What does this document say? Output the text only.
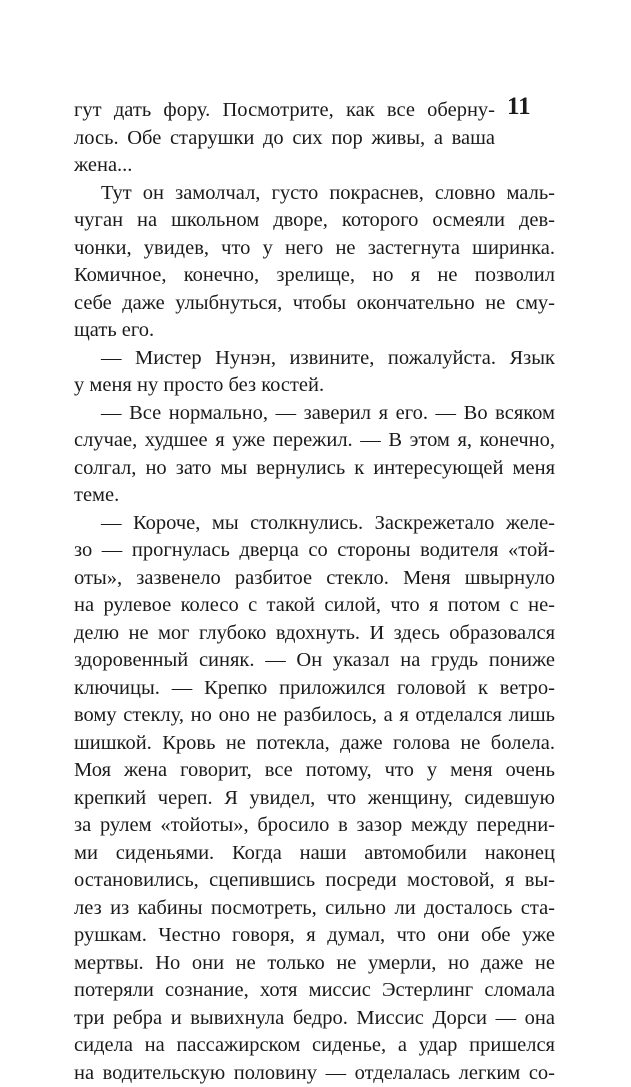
11
гут дать фору. Посмотрите, как все оберну-
лось. Обе старушки до сих пор живы, а ваша
жена...
Тут он замолчал, густо покраснев, словно маль-
чуган на школьном дворе, которого осмеяли дев-
чонки, увидев, что у него не застегнута ширинка.
Комичное, конечно, зрелище, но я не позволил
себе даже улыбнуться, чтобы окончательно не сму-
щать его.
— Мистер Нунэн, извините, пожалуйста. Язык
у меня ну просто без костей.
— Все нормально, — заверил я его. — Во всяком
случае, худшее я уже пережил. — В этом я, конечно,
солгал, но зато мы вернулись к интересующей меня
теме.
— Короче, мы столкнулись. Заскрежетало желе-
зо — прогнулась дверца со стороны водителя «той-
оты», зазвенело разбитое стекло. Меня швырнуло
на рулевое колесо с такой силой, что я потом с не-
делю не мог глубоко вдохнуть. И здесь образовался
здоровенный синяк. — Он указал на грудь пониже
ключицы. — Крепко приложился головой к ветро-
вому стеклу, но оно не разбилось, а я отделался лишь
шишкой. Кровь не потекла, даже голова не болела.
Моя жена говорит, все потому, что у меня очень
крепкий череп. Я увидел, что женщину, сидевшую
за рулем «тойоты», бросило в зазор между передни-
ми сиденьями. Когда наши автомобили наконец
остановились, сцепившись посреди мостовой, я вы-
лез из кабины посмотреть, сильно ли досталось ста-
рушкам. Честно говоря, я думал, что они обе уже
мертвы. Но они не только не умерли, но даже не
потеряли сознание, хотя миссис Эстерлинг сломала
три ребра и вывихнула бедро. Миссис Дорси — она
сидела на пассажирском сиденье, а удар пришелся
на водительскую половину — отделалась легким со-
